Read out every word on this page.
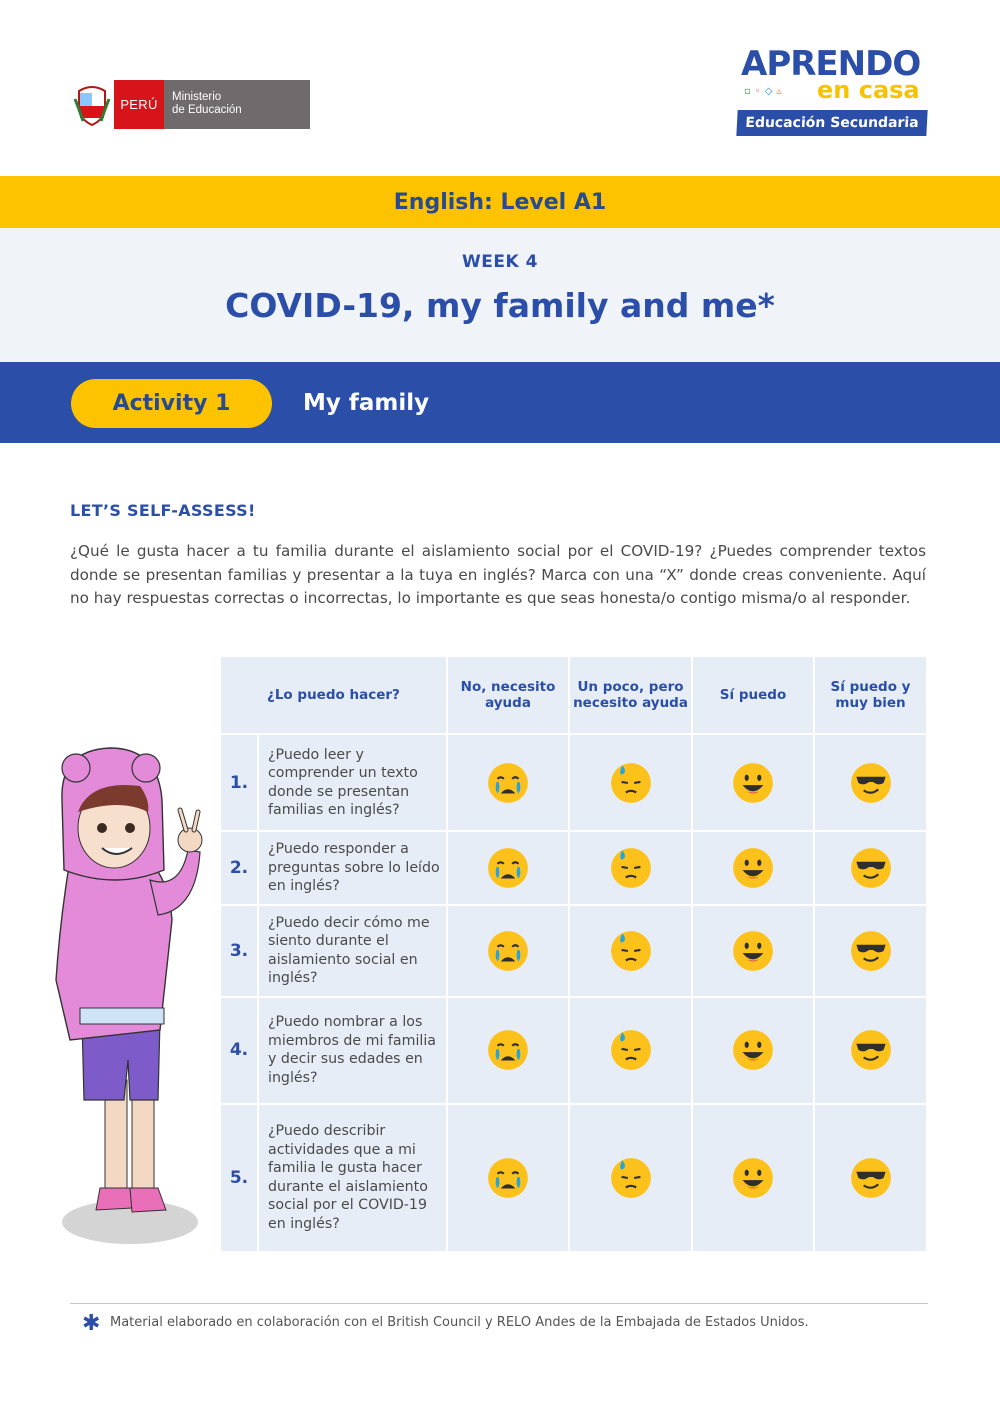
PERÚ	Ministerio
de Educación
APRENDO
▫◦◇▵ en casa
Educación Secundaria
English: Level A1
WEEK 4
COVID-19, my family and me*
Activity 1	My family
LET’S SELF-ASSESS!
¿Qué le gusta hacer a tu familia durante el aislamiento social por el COVID-19? ¿Puedes comprender textos donde se presentan familias y presentar a la tuya en inglés? Marca con una “X” donde creas conveniente. Aquí no hay respuestas correctas o incorrectas, lo importante es que seas honesta/o contigo misma/o al responder.
¿Lo puedo hacer?		No, necesito ayuda	Un poco, pero necesito ayuda	Sí puedo	Sí puedo y muy bien
1.	¿Puedo leer y comprender un texto donde se presentan familias en inglés?	

2.	¿Puedo responder a preguntas sobre lo leído en inglés?	

3.	¿Puedo decir cómo me siento durante el aislamiento social en inglés?	

4.	¿Puedo nombrar a los miembros de mi familia y decir sus edades en inglés?	

5.	¿Puedo describir actividades que a mi familia le gusta hacer durante el aislamiento social por el COVID-19 en inglés?	

✱ Material elaborado en colaboración con el British Council y RELO Andes de la Embajada de Estados Unidos.
